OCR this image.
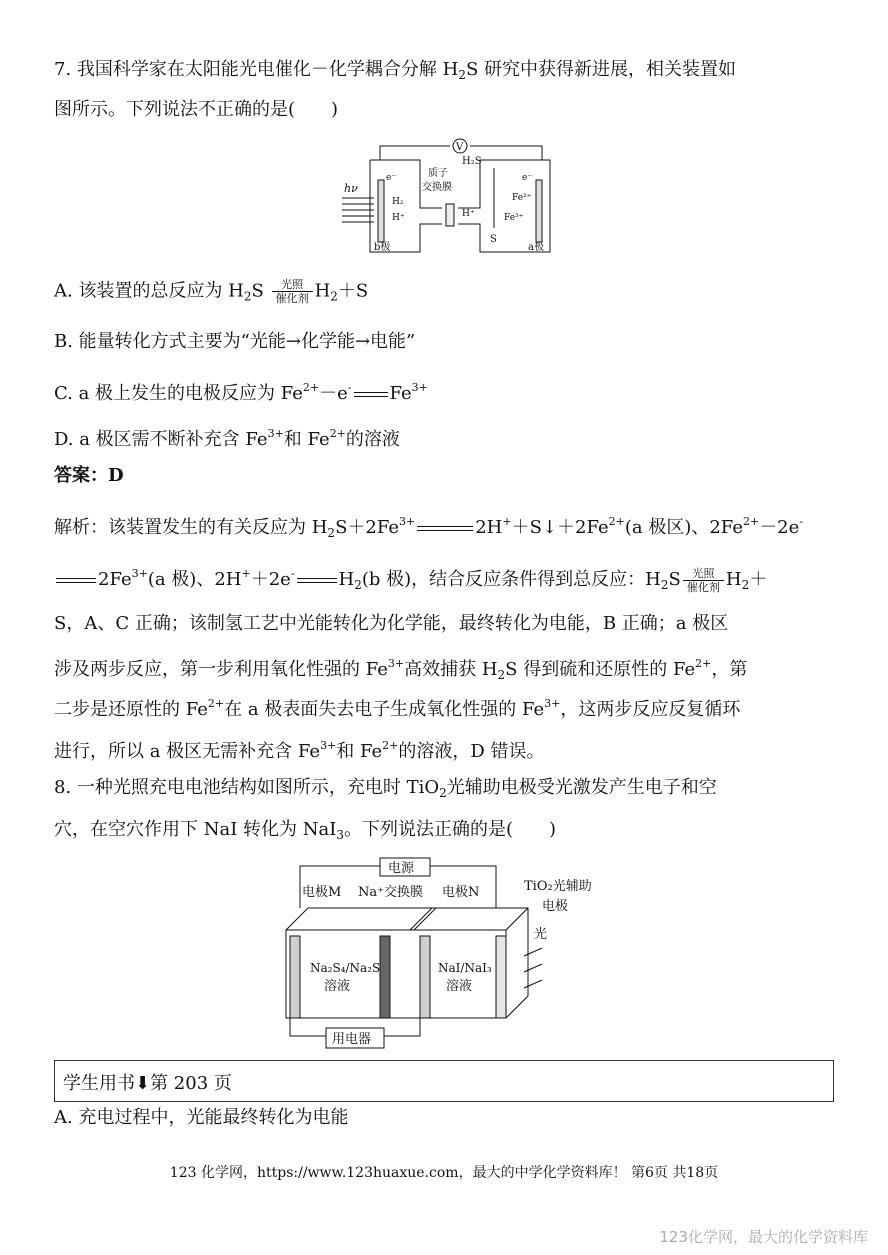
7. 我国科学家在太阳能光电催化－化学耦合分解 $H_2S$ 研究中获得新进展，相关装置如
图所示。下列说法不正确的是(　　)
V
hν
e⁻
H₂
H⁺
质子
交换膜
H₂S
e⁻
Fe²⁺
Fe³⁺
H⁺
S
b极	a极
A. 该装置的总反应为 $H_2S$	光照
催化剂 $H_2+S$
B. 能量转化方式主要为“光能→化学能→电能”
C. a 极上发生的电极反应为 $Fe^{2+}-e^-$ $Fe^{3+}$
D. a 极区需不断补充含 $Fe^{3+}$和 $Fe^{2+}$的溶液
答案：D
解析：该装置发生的有关反应为 $H_2S+2Fe^{3+}$	$2H^++S↓+2Fe^{2+}(a$ 极区)、$2Fe^{2+}-2e^-$
$2Fe^{3+}(a$ 极)、2H+＋2e- $H_2(b$ 极)，结合反应条件得到总反应：$H_2S$	光照
催化剂 $H_2+$
S，A、C 正确；该制氢工艺中光能转化为化学能，最终转化为电能，B 正确；a 极区
涉及两步反应，第一步利用氧化性强的 $Fe^{3+}$高效捕获 $H_2S$ 得到硫和还原性的 $Fe^{2+}$，第
二步是还原性的 $Fe^{2+}$在 a 极表面失去电子生成氧化性强的 $Fe^{3+}$，这两步反应反复循环
进行，所以 a 极区无需补充含 $Fe^{3+}$和 $Fe^{2+}$的溶液，D 错误。
8. 一种光照充电电池结构如图所示，充电时 TiO$_2$光辅助电极受光激发产生电子和空
穴，在空穴作用下 NaI 转化为 NaI$_3$。下列说法正确的是(　　)
电源
电极M Na⁺交换膜 电极N	TiO₂光辅助
电极
光
Na₂S₄/Na₂S
溶液
NaI/NaI₃
溶液
用电器
学生用书⬇第 203 页
A. 充电过程中，光能最终转化为电能
123 化学网，https://www.123huaxue.com，最大的中学化学资料库！ 第6页 共18页
123化学网，最大的化学资料库
